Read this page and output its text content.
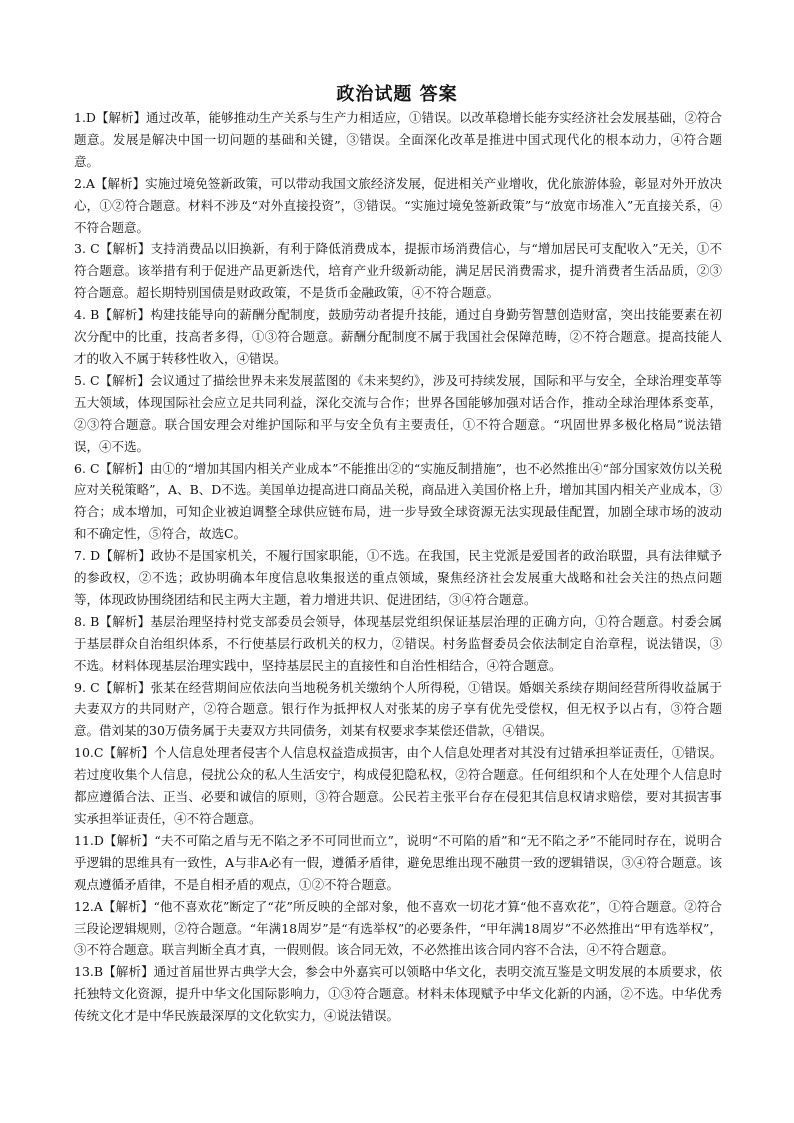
政治试题 答案

1.D【解析】通过改革，能够推动生产关系与生产力相适应，①错误。以改革稳增长能夯实经济社会发展基础，②符合题意。发展是解决中国一切问题的基础和关键，③错误。全面深化改革是推进中国式现代化的根本动力，④符合题意。

2.A【解析】实施过境免签新政策，可以带动我国文旅经济发展，促进相关产业增收，优化旅游体验，彰显对外开放决心，①②符合题意。材料不涉及“对外直接投资”，③错误。“实施过境免签新政策”与“放宽市场准入”无直接关系，④不符合题意。

3. C【解析】支持消费品以旧换新，有利于降低消费成本，提振市场消费信心，与“增加居民可支配收入”无关，①不符合题意。该举措有利于促进产品更新迭代，培育产业升级新动能，满足居民消费需求，提升消费者生活品质，②③符合题意。超长期特别国债是财政政策，不是货币金融政策，④不符合题意。

4. B【解析】构建技能导向的薪酬分配制度，鼓励劳动者提升技能，通过自身勤劳智慧创造财富，突出技能要素在初次分配中的比重，技高者多得，①③符合题意。薪酬分配制度不属于我国社会保障范畴，②不符合题意。提高技能人才的收入不属于转移性收入，④错误。

5. C【解析】会议通过了描绘世界未来发展蓝图的《未来契约》，涉及可持续发展，国际和平与安全，全球治理变革等五大领域，体现国际社会应立足共同利益，深化交流与合作；世界各国能够加强对话合作，推动全球治理体系变革，②③符合题意。联合国安理会对维护国际和平与安全负有主要责任，①不符合题意。“巩固世界多极化格局”说法错误，④不选。

6. C【解析】由①的“增加其国内相关产业成本”不能推出②的“实施反制措施”，也不必然推出④“部分国家效仿以关税应对关税策略”，A、B、D不选。美国单边提高进口商品关税，商品进入美国价格上升，增加其国内相关产业成本，③符合；成本增加，可知企业被迫调整全球供应链布局，进一步导致全球资源无法实现最佳配置，加剧全球市场的波动和不确定性，⑤符合，故选C。

7. D【解析】政协不是国家机关，不履行国家职能，①不选。在我国，民主党派是爱国者的政治联盟，具有法律赋予的参政权，②不选；政协明确本年度信息收集报送的重点领域，聚焦经济社会发展重大战略和社会关注的热点问题等，体现政协围绕团结和民主两大主题，着力增进共识、促进团结，③④符合题意。

8. B【解析】基层治理坚持村党支部委员会领导，体现基层党组织保证基层治理的正确方向，①符合题意。村委会属于基层群众自治组织体系，不行使基层行政机关的权力，②错误。村务监督委员会依法制定自治章程，说法错误，③不选。材料体现基层治理实践中，坚持基层民主的直接性和自治性相结合，④符合题意。

9. C【解析】张某在经营期间应依法向当地税务机关缴纳个人所得税，①错误。婚姻关系续存期间经营所得收益属于夫妻双方的共同财产，②符合题意。银行作为抵押权人对张某的房子享有优先受偿权，但无权予以占有，③符合题意。借刘某的30万债务属于夫妻双方共同债务，刘某有权要求李某偿还借款，④错误。

10.C【解析】个人信息处理者侵害个人信息权益造成损害，由个人信息处理者对其没有过错承担举证责任，①错误。若过度收集个人信息，侵扰公众的私人生活安宁，构成侵犯隐私权，②符合题意。任何组织和个人在处理个人信息时都应遵循合法、正当、必要和诚信的原则，③符合题意。公民若主张平台存在侵犯其信息权请求赔偿，要对其损害事实承担举证责任，④不符合题意。

11.D【解析】“夫不可陷之盾与无不陷之矛不可同世而立”，说明“不可陷的盾”和“无不陷之矛”不能同时存在，说明合乎逻辑的思维具有一致性，A与非A必有一假，遵循矛盾律，避免思维出现不融贯一致的逻辑错误，③④符合题意。该观点遵循矛盾律，不是自相矛盾的观点，①②不符合题意。

12.A【解析】“他不喜欢花”断定了“花”所反映的全部对象，他不喜欢一切花才算“他不喜欢花”，①符合题意。②符合三段论逻辑规则，②符合题意。“年满18周岁”是“有选举权”的必要条件，“甲年满18周岁”不必然推出“甲有选举权”，③不符合题意。联言判断全真才真，一假则假。该合同无效，不必然推出该合同内容不合法，④不符合题意。

13.B【解析】通过首届世界古典学大会，参会中外嘉宾可以领略中华文化，表明交流互鉴是文明发展的本质要求，依托独特文化资源，提升中华文化国际影响力，①③符合题意。材料未体现赋予中华文化新的内涵，②不选。中华优秀传统文化才是中华民族最深厚的文化软实力，④说法错误。
